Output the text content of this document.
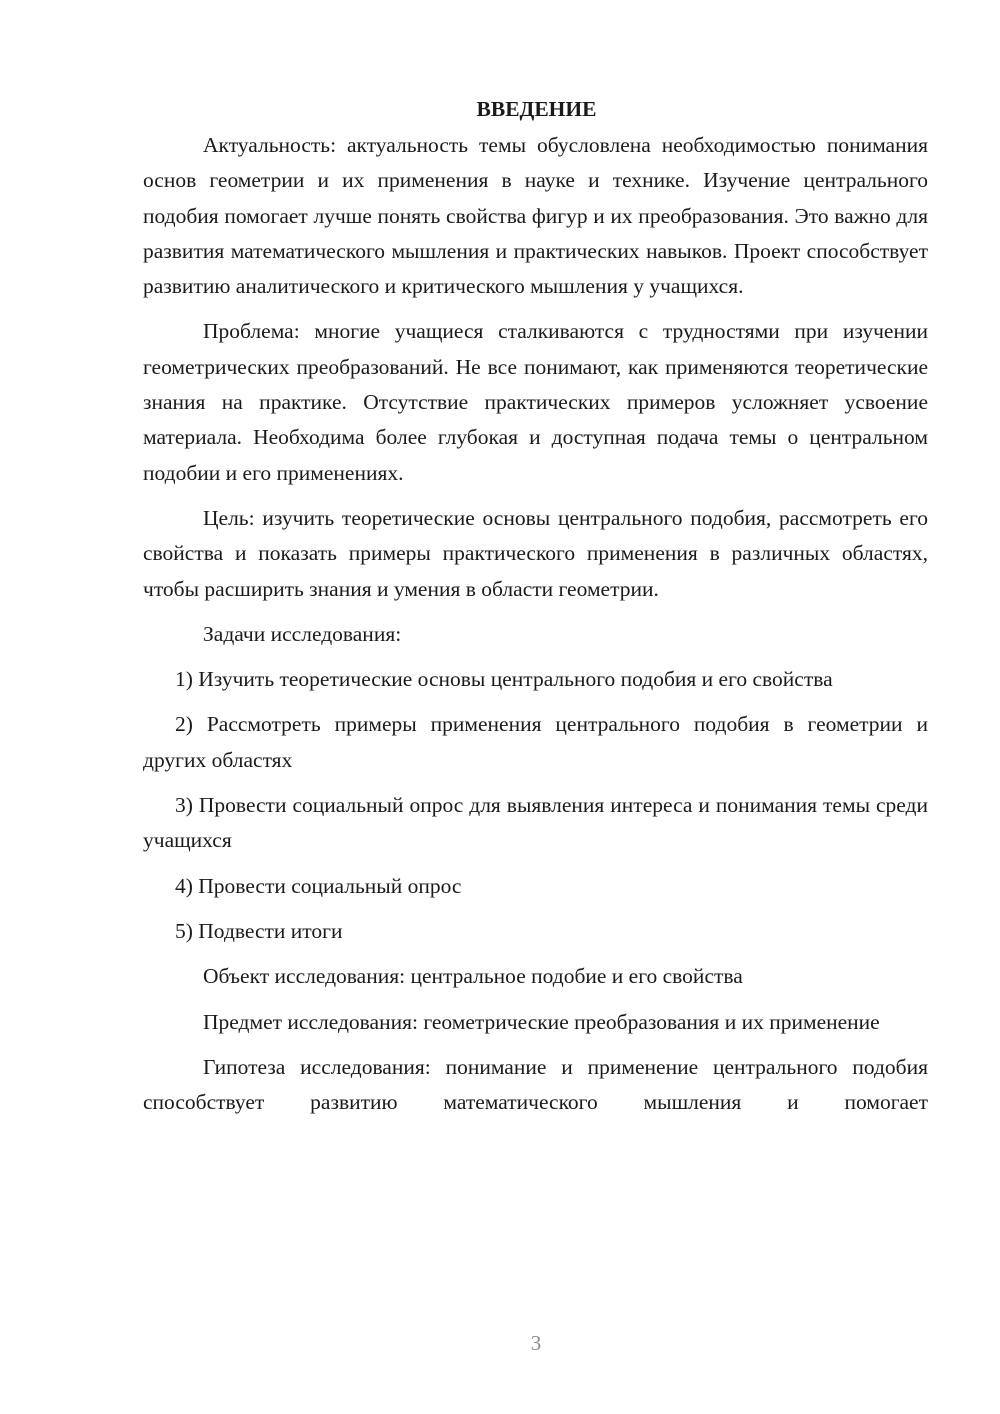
ВВЕДЕНИЕ

Актуальность: актуальность темы обусловлена необходимостью понимания основ геометрии и их применения в науке и технике. Изучение центрального подобия помогает лучше понять свойства фигур и их преобразования. Это важно для развития математического мышления и практических навыков. Проект способствует развитию аналитического и критического мышления у учащихся.

Проблема: многие учащиеся сталкиваются с трудностями при изучении геометрических преобразований. Не все понимают, как применяются теоретические знания на практике. Отсутствие практических примеров усложняет усвоение материала. Необходима более глубокая и доступная подача темы о центральном подобии и его применениях.

Цель: изучить теоретические основы центрального подобия, рассмотреть его свойства и показать примеры практического применения в различных областях, чтобы расширить знания и умения в области геометрии.

Задачи исследования:

1) Изучить теоретические основы центрального подобия и его свойства

2) Рассмотреть примеры применения центрального подобия в геометрии и других областях

3) Провести социальный опрос для выявления интереса и понимания темы среди учащихся

4) Провести социальный опрос

5) Подвести итоги

Объект исследования: центральное подобие и его свойства

Предмет исследования: геометрические преобразования и их применение

Гипотеза исследования: понимание и применение центрального подобия способствует развитию математического мышления и помогает

3
